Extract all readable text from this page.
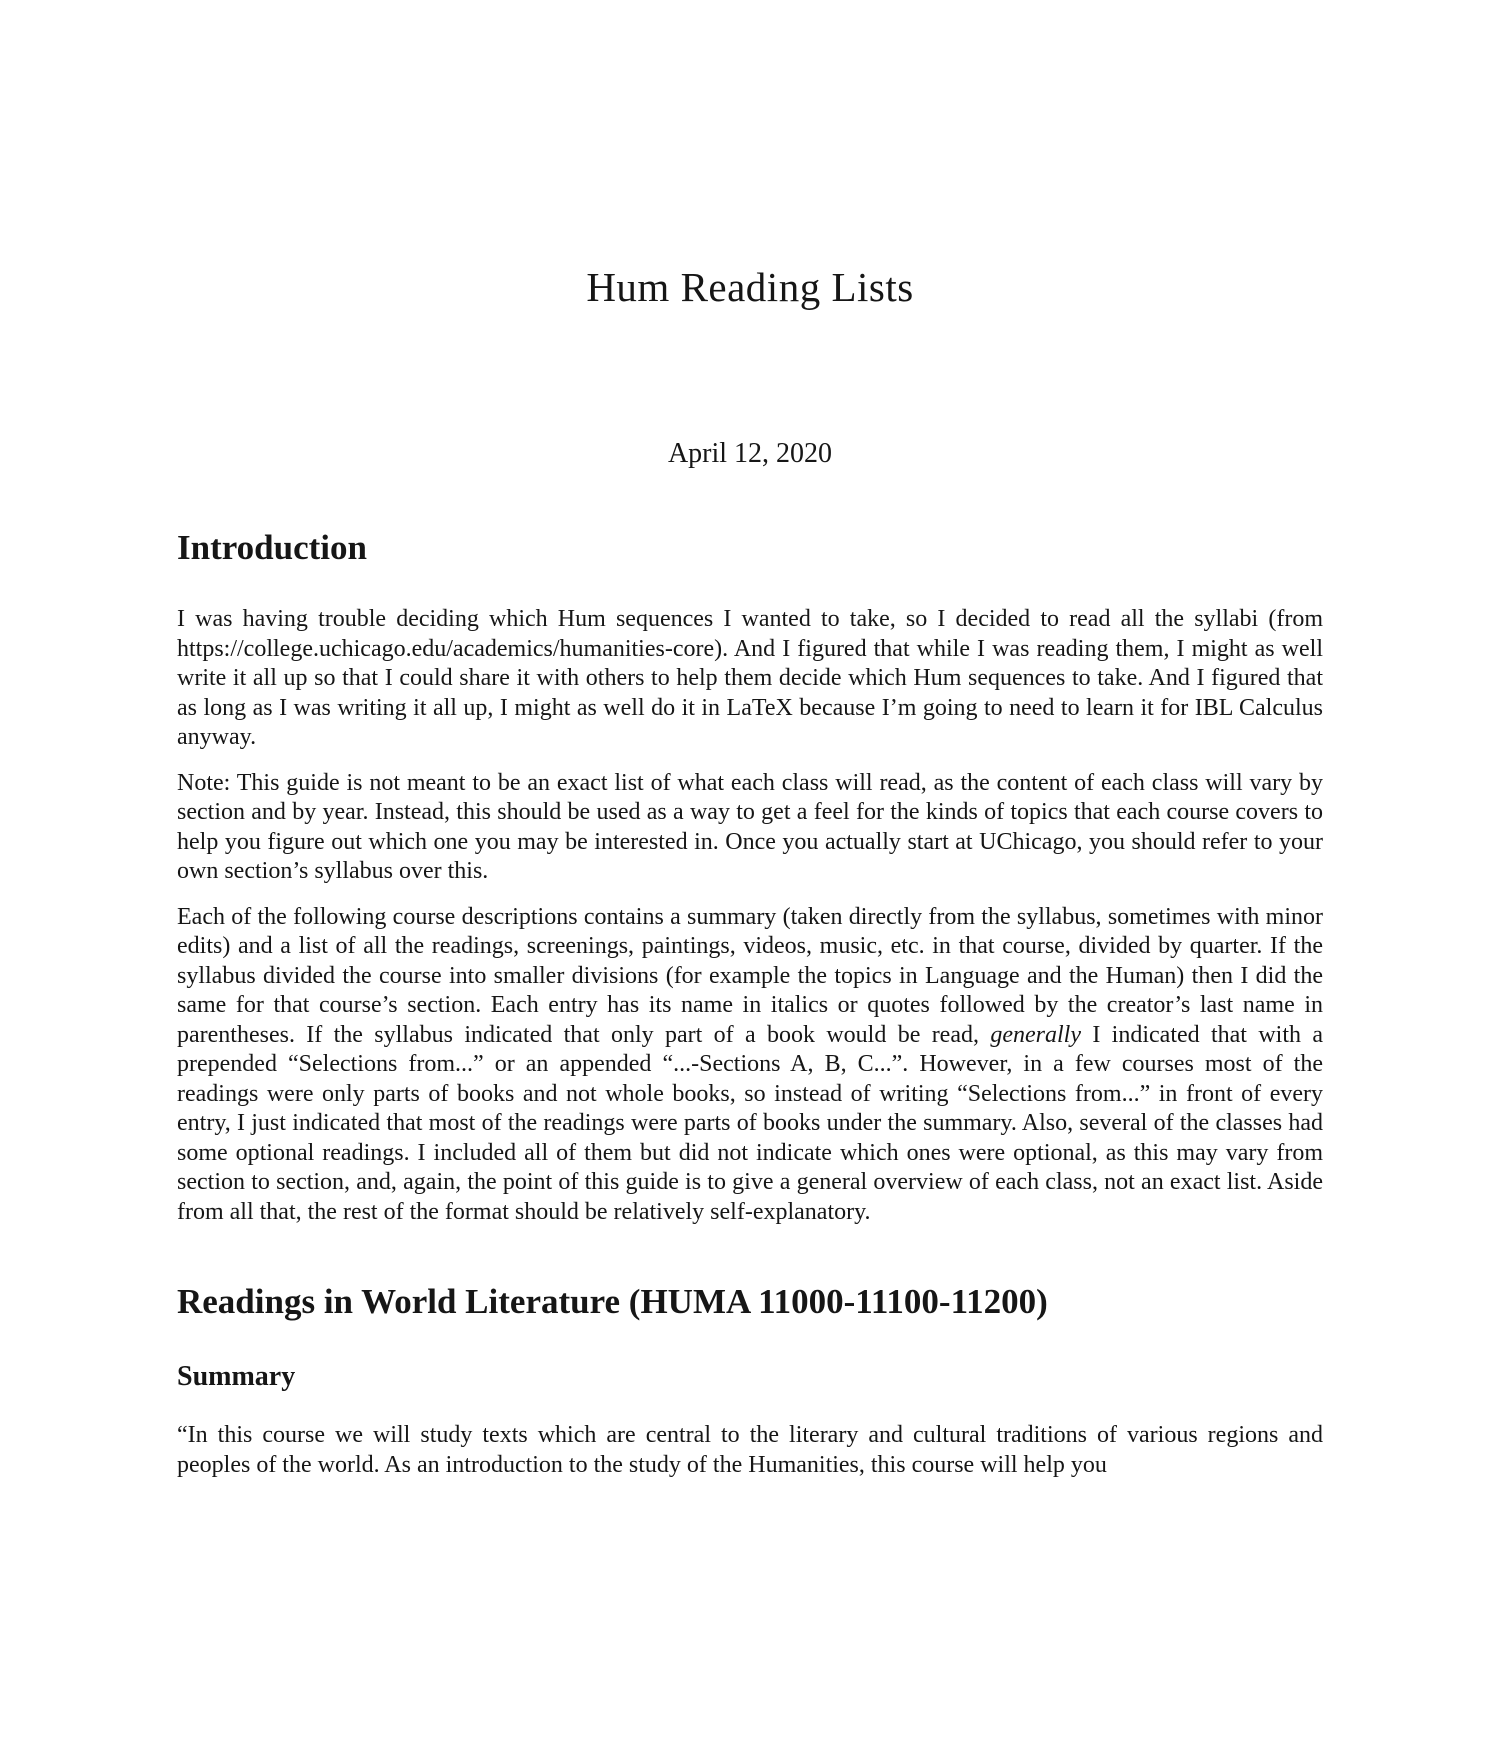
Hum Reading Lists
April 12, 2020
Introduction

I was having trouble deciding which Hum sequences I wanted to take, so I decided to read all the syllabi (from https://college.uchicago.edu/academics/humanities-core). And I figured that while I was reading them, I might as well write it all up so that I could share it with others to help them decide which Hum sequences to take. And I figured that as long as I was writing it all up, I might as well do it in LaTeX because I’m going to need to learn it for IBL Calculus anyway.

Note: This guide is not meant to be an exact list of what each class will read, as the content of each class will vary by section and by year. Instead, this should be used as a way to get a feel for the kinds of topics that each course covers to help you figure out which one you may be interested in. Once you actually start at UChicago, you should refer to your own section’s syllabus over this.

Each of the following course descriptions contains a summary (taken directly from the syllabus, sometimes with minor edits) and a list of all the readings, screenings, paintings, videos, music, etc. in that course, divided by quarter. If the syllabus divided the course into smaller divisions (for example the topics in Language and the Human) then I did the same for that course’s section. Each entry has its name in italics or quotes followed by the creator’s last name in parentheses. If the syllabus indicated that only part of a book would be read, generally I indicated that with a prepended “Selections from...” or an appended “...-Sections A, B, C...”. However, in a few courses most of the readings were only parts of books and not whole books, so instead of writing “Selections from...” in front of every entry, I just indicated that most of the readings were parts of books under the summary. Also, several of the classes had some optional readings. I included all of them but did not indicate which ones were optional, as this may vary from section to section, and, again, the point of this guide is to give a general overview of each class, not an exact list. Aside from all that, the rest of the format should be relatively self-explanatory.

Readings in World Literature (HUMA 11000-11100-11200)
Summary

“In this course we will study texts which are central to the literary and cultural traditions of various regions and peoples of the world. As an introduction to the study of the Humanities, this course will help you
